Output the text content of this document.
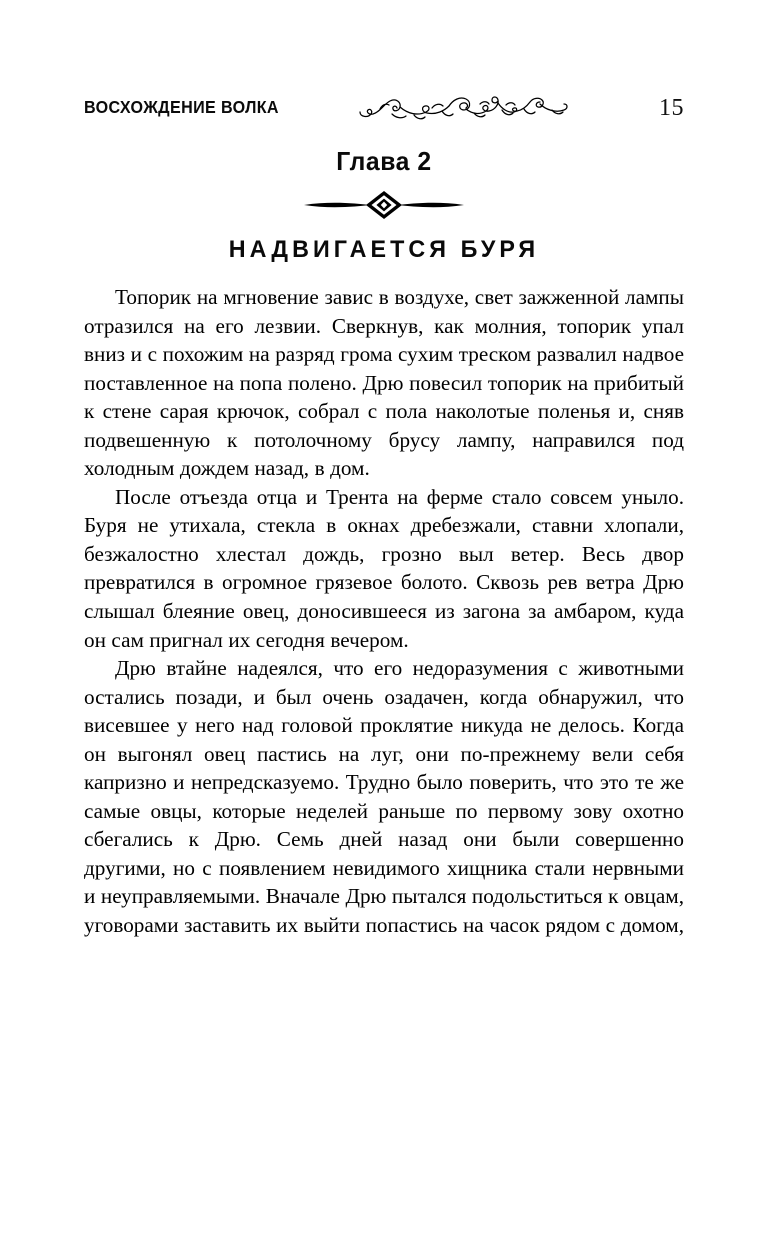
ВОСХОЖДЕНИЕ ВОЛКА	15
Глава 2
НАДВИГАЕТСЯ БУРЯ

Топорик на мгновение завис в воздухе, свет зажженной лампы отразился на его лезвии. Сверкнув, как молния, топорик упал вниз и с похожим на разряд грома сухим треском развалил надвое поставленное на попа полено. Дрю повесил топорик на прибитый к стене сарая крючок, собрал с пола наколотые поленья и, сняв подвешенную к потолочному брусу лампу, направился под холодным дождем назад, в дом.

После отъезда отца и Трента на ферме стало совсем уныло. Буря не утихала, стекла в окнах дребезжали, ставни хлопали, безжалостно хлестал дождь, грозно выл ветер. Весь двор превратился в огромное грязевое болото. Сквозь рев ветра Дрю слышал блеяние овец, доносившееся из загона за амбаром, куда он сам пригнал их сегодня вечером.

Дрю втайне надеялся, что его недоразумения с животными остались позади, и был очень озадачен, когда обнаружил, что висевшее у него над головой проклятие никуда не делось. Когда он выгонял овец пастись на луг, они по-прежнему вели себя капризно и непредсказуемо. Трудно было поверить, что это те же самые овцы, которые неделей раньше по первому зову охотно сбегались к Дрю. Семь дней назад они были совершенно другими, но с появлением невидимого хищника стали нервными и неуправляемыми. Вначале Дрю пытался подольститься к овцам, уговорами заставить их выйти попастись на часок рядом с домом,
